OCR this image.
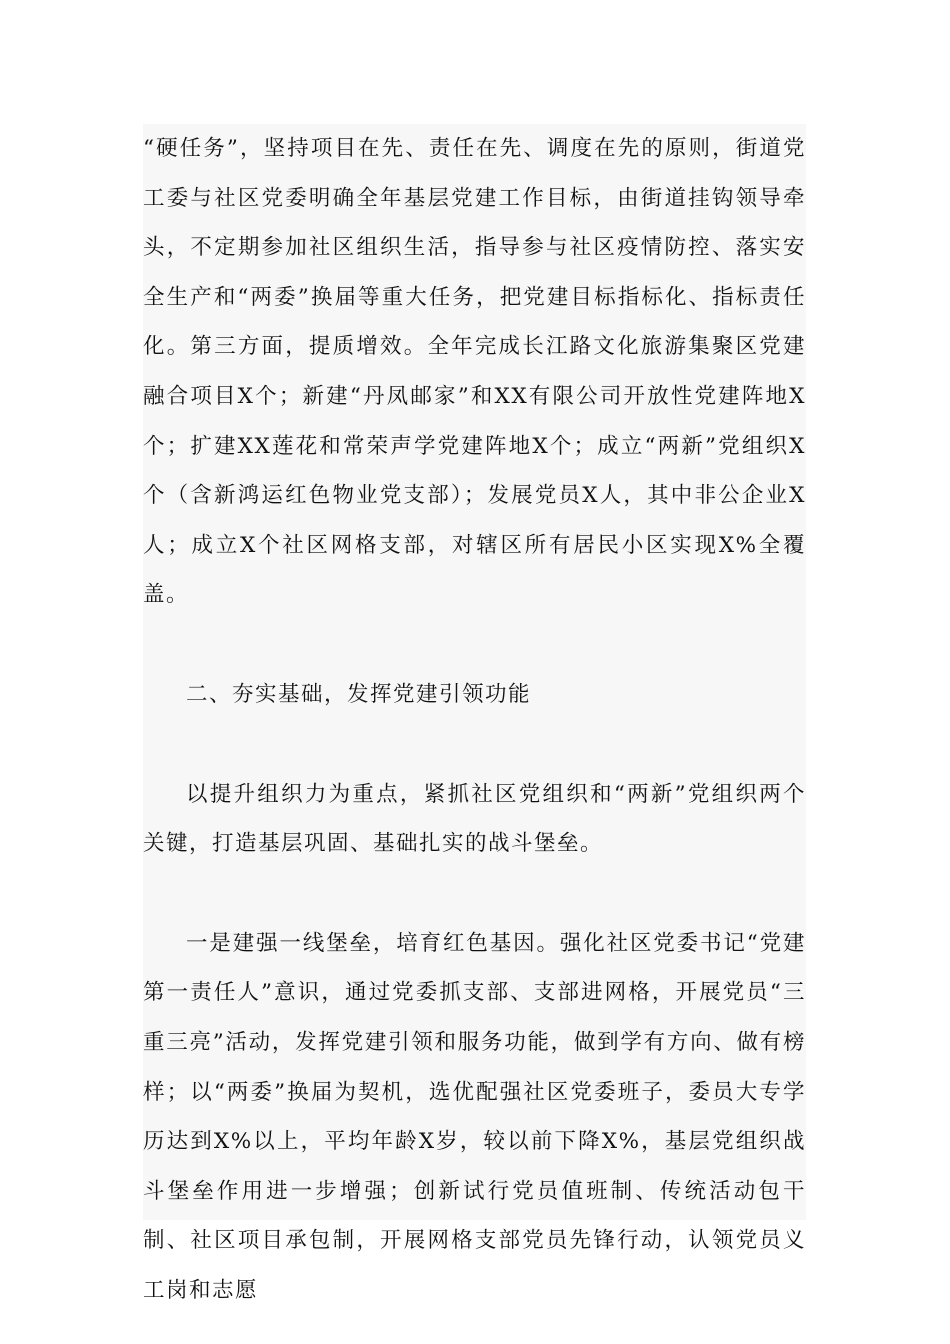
“硬任务”，坚持项目在先、责任在先、调度在先的原则，街道党工委与社区党委明确全年基层党建工作目标，由街道挂钩领导牵头，不定期参加社区组织生活，指导参与社区疫情防控、落实安全生产和“两委”换届等重大任务，把党建目标指标化、指标责任化。第三方面，提质增效。全年完成长江路文化旅游集聚区党建融合项目X个；新建“丹凤邮家”和XX有限公司开放性党建阵地X个；扩建XX莲花和常荣声学党建阵地X个；成立“两新”党组织X个（含新鸿运红色物业党支部）；发展党员X人，其中非公企业X人；成立X个社区网格支部，对辖区所有居民小区实现X%全覆盖。

二、夯实基础，发挥党建引领功能

以提升组织力为重点，紧抓社区党组织和“两新”党组织两个关键，打造基层巩固、基础扎实的战斗堡垒。

一是建强一线堡垒，培育红色基因。强化社区党委书记“党建第一责任人”意识，通过党委抓支部、支部进网格，开展党员“三重三亮”活动，发挥党建引领和服务功能，做到学有方向、做有榜样；以“两委”换届为契机，选优配强社区党委班子，委员大专学历达到X%以上，平均年龄X岁，较以前下降X%，基层党组织战斗堡垒作用进一步增强；创新试行党员值班制、传统活动包干制、社区项目承包制，开展网格支部党员先锋行动，认领党员义工岗和志愿
